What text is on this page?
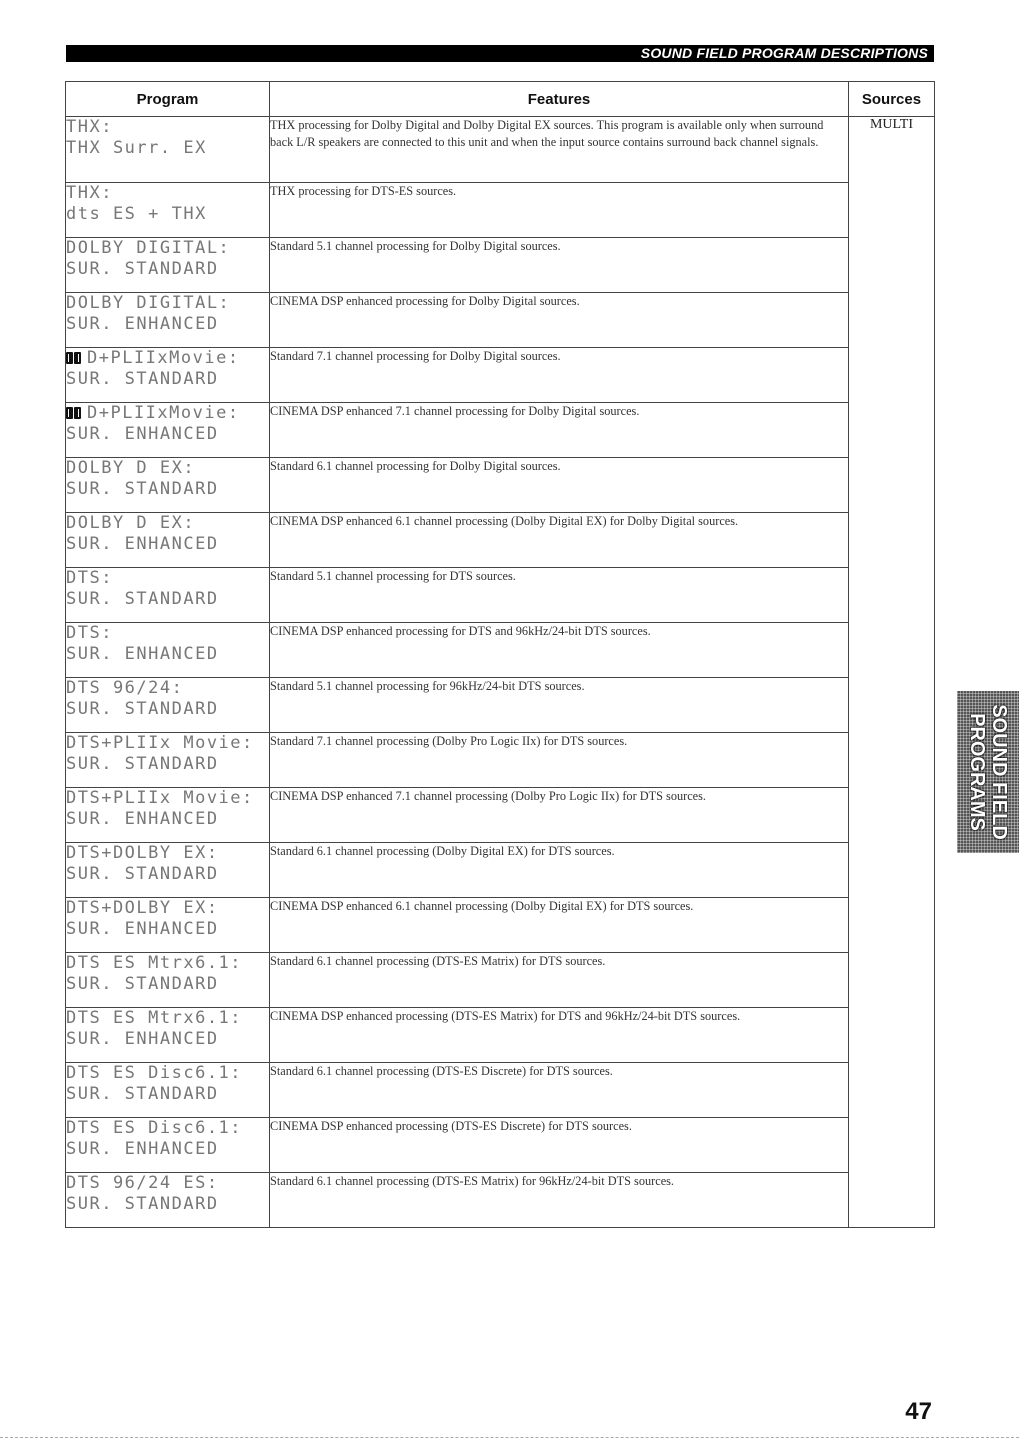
SOUND FIELD PROGRAM DESCRIPTIONS
Program	Features	Sources

THX:
THX Surr. EX	THX processing for Dolby Digital and Dolby Digital EX sources. This program is available only when surround back L/R speakers are connected to this unit and when the input source contains surround back channel signals.	MULTI

THX:
dts ES + THX	THX processing for DTS-ES sources.	

DOLBY DIGITAL:
SUR. STANDARD	Standard 5.1 channel processing for Dolby Digital sources.	

DOLBY DIGITAL:
SUR. ENHANCED	CINEMA DSP enhanced processing for Dolby Digital sources.	

D+PLIIxMovie:
SUR. STANDARD	Standard 7.1 channel processing for Dolby Digital sources.	

D+PLIIxMovie:
SUR. ENHANCED	CINEMA DSP enhanced 7.1 channel processing for Dolby Digital sources.	

DOLBY D EX:
SUR. STANDARD	Standard 6.1 channel processing for Dolby Digital sources.	

DOLBY D EX:
SUR. ENHANCED	CINEMA DSP enhanced 6.1 channel processing (Dolby Digital EX) for Dolby Digital sources.	

DTS:
SUR. STANDARD	Standard 5.1 channel processing for DTS sources.	

DTS:
SUR. ENHANCED	CINEMA DSP enhanced processing for DTS and 96kHz/24-bit DTS sources.	

DTS 96/24:
SUR. STANDARD	Standard 5.1 channel processing for 96kHz/24-bit DTS sources.	

DTS+PLIIx Movie:
SUR. STANDARD	Standard 7.1 channel processing (Dolby Pro Logic IIx) for DTS sources.	

DTS+PLIIx Movie:
SUR. ENHANCED	CINEMA DSP enhanced 7.1 channel processing (Dolby Pro Logic IIx) for DTS sources.	

DTS+DOLBY EX:
SUR. STANDARD	Standard 6.1 channel processing (Dolby Digital EX) for DTS sources.	

DTS+DOLBY EX:
SUR. ENHANCED	CINEMA DSP enhanced 6.1 channel processing (Dolby Digital EX) for DTS sources.	

DTS ES Mtrx6.1:
SUR. STANDARD	Standard 6.1 channel processing (DTS-ES Matrix) for DTS sources.	

DTS ES Mtrx6.1:
SUR. ENHANCED	CINEMA DSP enhanced processing (DTS-ES Matrix) for DTS and 96kHz/24-bit DTS sources.	

DTS ES Disc6.1:
SUR. STANDARD	Standard 6.1 channel processing (DTS-ES Discrete) for DTS sources.	

DTS ES Disc6.1:
SUR. ENHANCED	CINEMA DSP enhanced processing (DTS-ES Discrete) for DTS sources.	

DTS 96/24 ES:
SUR. STANDARD	Standard 6.1 channel processing (DTS-ES Matrix) for 96kHz/24-bit DTS sources.	
SOUND FIELD
PROGRAMS
47
